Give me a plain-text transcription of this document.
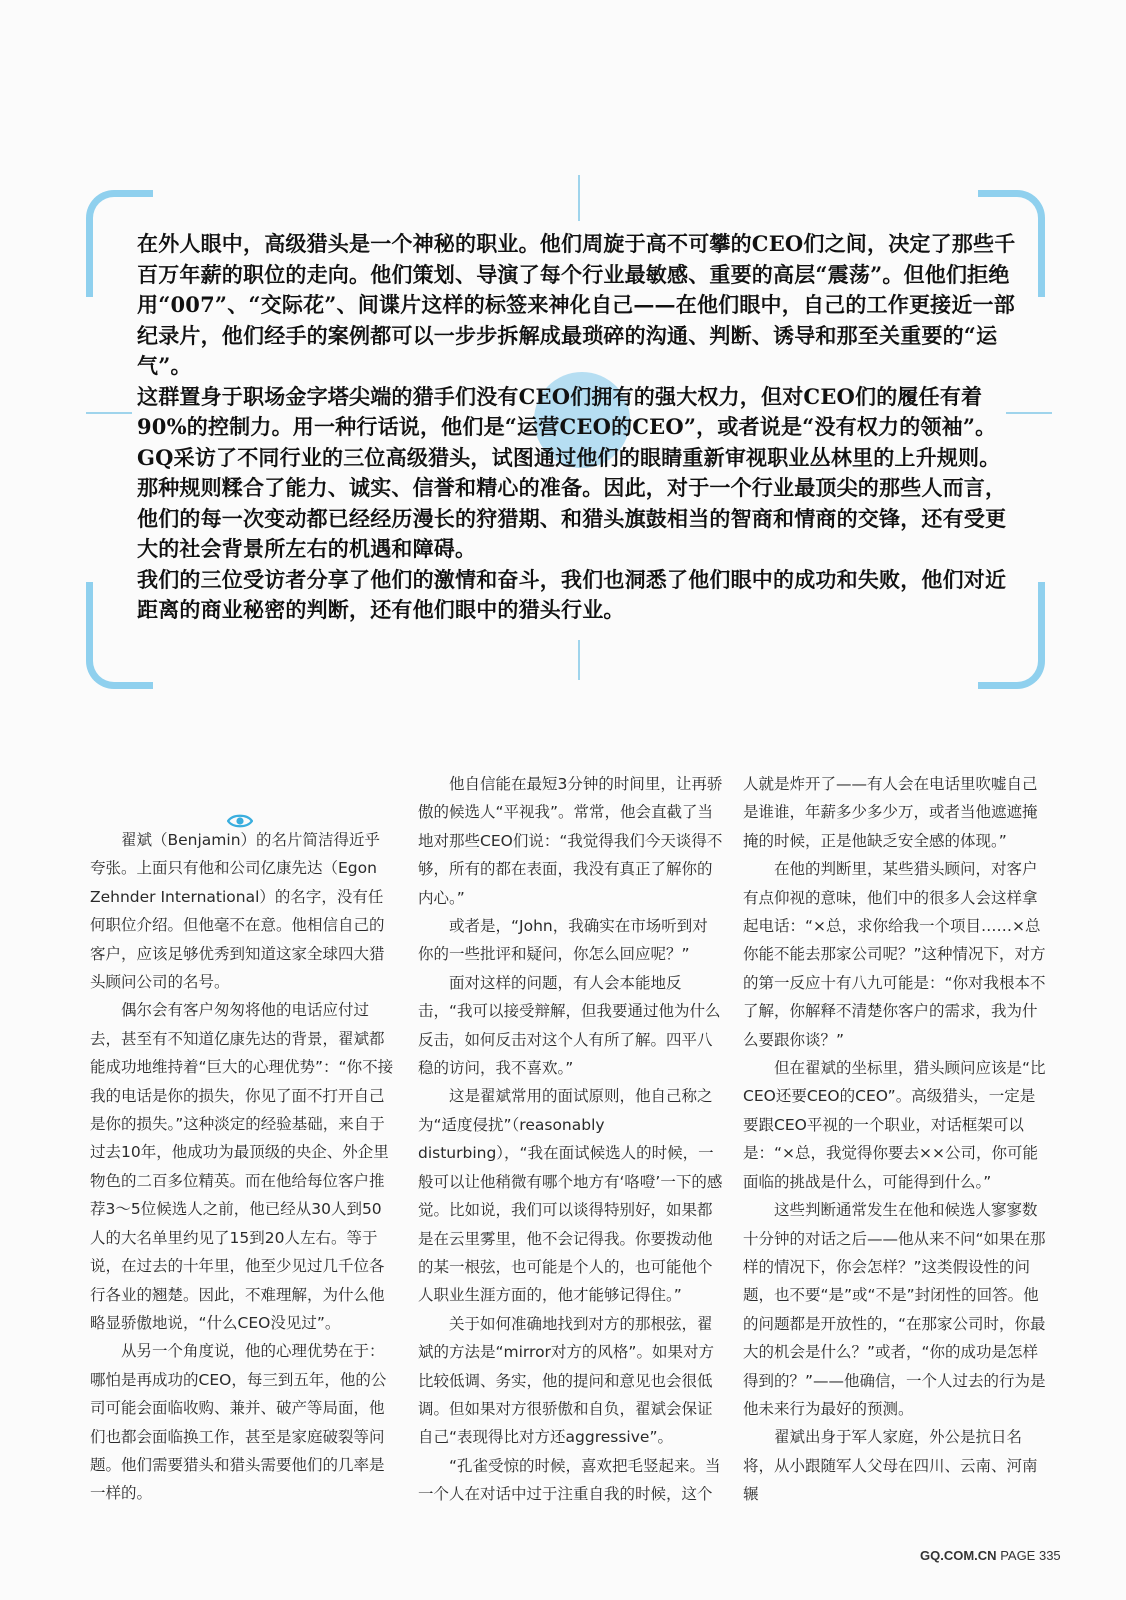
在外人眼中，高级猎头是一个神秘的职业。他们周旋于高不可攀的CEO们之间，决定了那些千百万年薪的职位的走向。他们策划、导演了每个行业最敏感、重要的高层“震荡”。但他们拒绝用“007”、“交际花”、间谍片这样的标签来神化自己——在他们眼中，自己的工作更接近一部纪录片，他们经手的案例都可以一步步拆解成最琐碎的沟通、判断、诱导和那至关重要的“运气”。

这群置身于职场金字塔尖端的猎手们没有CEO们拥有的强大权力，但对CEO们的履任有着90%的控制力。用一种行话说，他们是“运营CEO的CEO”，或者说是“没有权力的领袖”。

GQ采访了不同行业的三位高级猎头，试图通过他们的眼睛重新审视职业丛林里的上升规则。那种规则糅合了能力、诚实、信誉和精心的准备。因此，对于一个行业最顶尖的那些人而言，他们的每一次变动都已经经历漫长的狩猎期、和猎头旗鼓相当的智商和情商的交锋，还有受更大的社会背景所左右的机遇和障碍。

我们的三位受访者分享了他们的激情和奋斗，我们也洞悉了他们眼中的成功和失败，他们对近距离的商业秘密的判断，还有他们眼中的猎头行业。

翟斌（Benjamin）的名片简洁得近乎夸张。上面只有他和公司亿康先达（Egon Zehnder International）的名字，没有任何职位介绍。但他毫不在意。他相信自己的客户，应该足够优秀到知道这家全球四大猎头顾问公司的名号。

偶尔会有客户匆匆将他的电话应付过去，甚至有不知道亿康先达的背景，翟斌都能成功地维持着“巨大的心理优势”：“你不接我的电话是你的损失，你见了面不打开自己是你的损失。”这种淡定的经验基础，来自于过去10年，他成功为最顶级的央企、外企里物色的二百多位精英。而在他给每位客户推荐3～5位候选人之前，他已经从30人到50人的大名单里约见了15到20人左右。等于说，在过去的十年里，他至少见过几千位各行各业的翘楚。因此，不难理解，为什么他略显骄傲地说，“什么CEO没见过”。

从另一个角度说，他的心理优势在于：哪怕是再成功的CEO，每三到五年，他的公司可能会面临收购、兼并、破产等局面，他们也都会面临换工作，甚至是家庭破裂等问题。他们需要猎头和猎头需要他们的几率是一样的。

他自信能在最短3分钟的时间里，让再骄傲的候选人“平视我”。常常，他会直截了当地对那些CEO们说：“我觉得我们今天谈得不够，所有的都在表面，我没有真正了解你的内心。”

或者是，“John，我确实在市场听到对你的一些批评和疑问，你怎么回应呢？”

面对这样的问题，有人会本能地反击，“我可以接受辩解，但我要通过他为什么反击，如何反击对这个人有所了解。四平八稳的访问，我不喜欢。”

这是翟斌常用的面试原则，他自己称之为“适度侵扰”（reasonably disturbing），“我在面试候选人的时候，一般可以让他稍微有哪个地方有‘咯噔’一下的感觉。比如说，我们可以谈得特别好，如果都是在云里雾里，他不会记得我。你要拨动他的某一根弦，也可能是个人的，也可能他个人职业生涯方面的，他才能够记得住。”

关于如何准确地找到对方的那根弦，翟斌的方法是“mirror对方的风格”。如果对方比较低调、务实，他的提问和意见也会很低调。但如果对方很骄傲和自负，翟斌会保证自己“表现得比对方还aggressive”。

“孔雀受惊的时候，喜欢把毛竖起来。当一个人在对话中过于注重自我的时候，这个

人就是炸开了——有人会在电话里吹嘘自己是谁谁，年薪多少多少万，或者当他遮遮掩掩的时候，正是他缺乏安全感的体现。”

在他的判断里，某些猎头顾问，对客户有点仰视的意味，他们中的很多人会这样拿起电话：“×总，求你给我一个项目……×总你能不能去那家公司呢？”这种情况下，对方的第一反应十有八九可能是：“你对我根本不了解，你解释不清楚你客户的需求，我为什么要跟你谈？”

但在翟斌的坐标里，猎头顾问应该是“比CEO还要CEO的CEO”。高级猎头，一定是要跟CEO平视的一个职业，对话框架可以是：“×总，我觉得你要去××公司，你可能面临的挑战是什么，可能得到什么。”

这些判断通常发生在他和候选人寥寥数十分钟的对话之后——他从来不问“如果在那样的情况下，你会怎样？”这类假设性的问题，也不要“是”或“不是”封闭性的回答。他的问题都是开放性的，“在那家公司时，你最大的机会是什么？”或者，“你的成功是怎样得到的？”——他确信，一个人过去的行为是他未来行为最好的预测。

翟斌出身于军人家庭，外公是抗日名将，从小跟随军人父母在四川、云南、河南辗

GQ.COM.CN PAGE 335
